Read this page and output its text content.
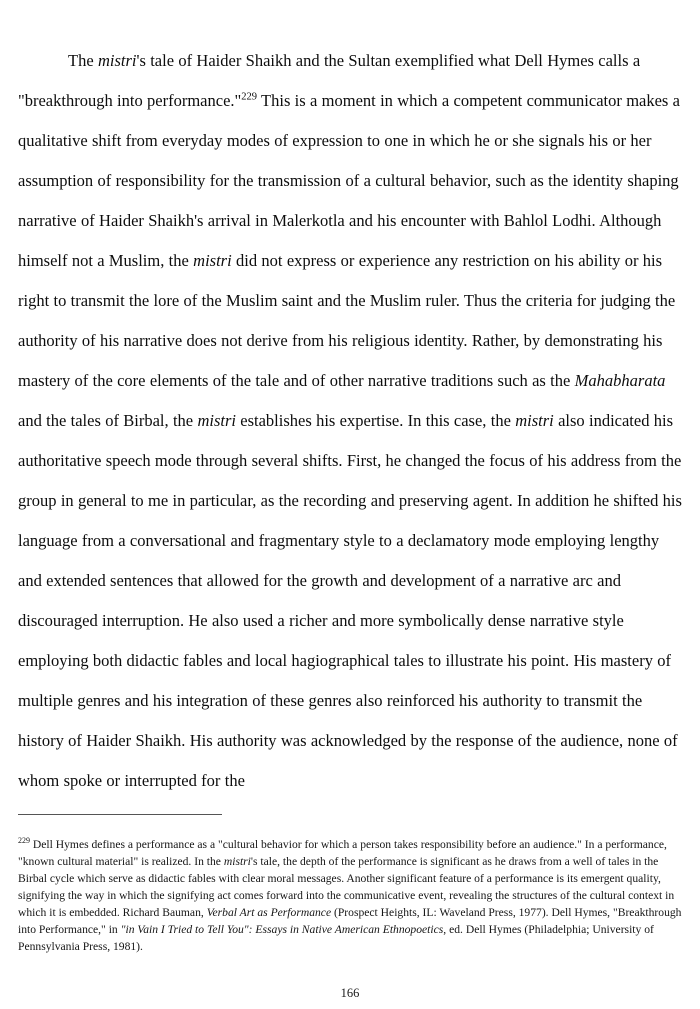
The mistri's tale of Haider Shaikh and the Sultan exemplified what Dell Hymes calls a "breakthrough into performance."$^{229}$ This is a moment in which a competent communicator makes a qualitative shift from everyday modes of expression to one in which he or she signals his or her assumption of responsibility for the transmission of a cultural behavior, such as the identity shaping narrative of Haider Shaikh's arrival in Malerkotla and his encounter with Bahlol Lodhi. Although himself not a Muslim, the mistri did not express or experience any restriction on his ability or his right to transmit the lore of the Muslim saint and the Muslim ruler. Thus the criteria for judging the authority of his narrative does not derive from his religious identity. Rather, by demonstrating his mastery of the core elements of the tale and of other narrative traditions such as the Mahabharata and the tales of Birbal, the mistri establishes his expertise. In this case, the mistri also indicated his authoritative speech mode through several shifts. First, he changed the focus of his address from the group in general to me in particular, as the recording and preserving agent. In addition he shifted his language from a conversational and fragmentary style to a declamatory mode employing lengthy and extended sentences that allowed for the growth and development of a narrative arc and discouraged interruption. He also used a richer and more symbolically dense narrative style employing both didactic fables and local hagiographical tales to illustrate his point. His mastery of multiple genres and his integration of these genres also reinforced his authority to transmit the history of Haider Shaikh. His authority was acknowledged by the response of the audience, none of whom spoke or interrupted for the

$^{229}$ Dell Hymes defines a performance as a "cultural behavior for which a person takes responsibility before an audience." In a performance, "known cultural material" is realized. In the mistri's tale, the depth of the performance is significant as he draws from a well of tales in the Birbal cycle which serve as didactic fables with clear moral messages. Another significant feature of a performance is its emergent quality, signifying the way in which the signifying act comes forward into the communicative event, revealing the structures of the cultural context in which it is embedded. Richard Bauman, Verbal Art as Performance (Prospect Heights, IL: Waveland Press, 1977). Dell Hymes, "Breakthrough into Performance," in "in Vain I Tried to Tell You": Essays in Native American Ethnopoetics, ed. Dell Hymes (Philadelphia; University of Pennsylvania Press, 1981).

166
